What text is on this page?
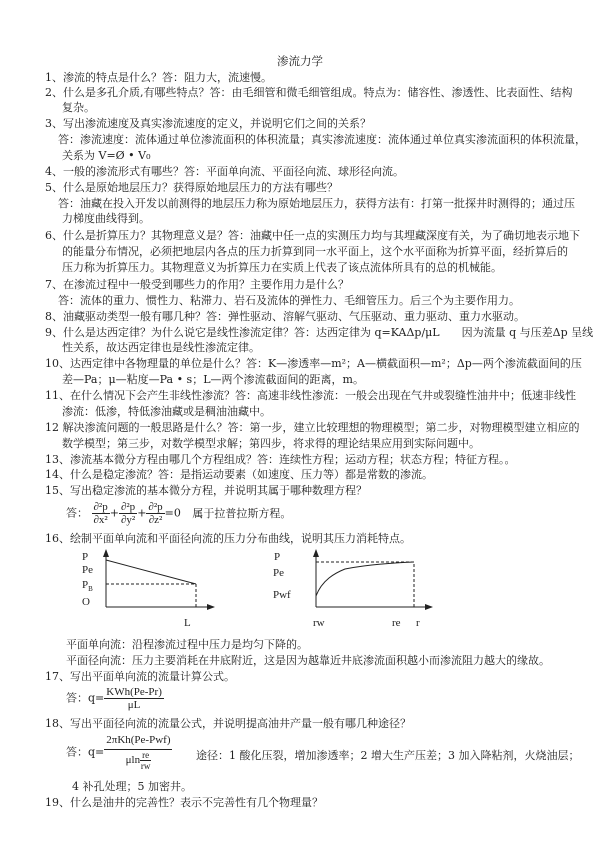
渗流力学
1、渗流的特点是什么？答：阻力大，流速慢。
2、什么是多孔介质,有哪些特点？答：由毛细管和微毛细管组成。特点为：储容性、渗透性、比表面性、结构
复杂。
3、写出渗流速度及真实渗流速度的定义，并说明它们之间的关系？
答：渗流速度：流体通过单位渗流面积的体积流量；真实渗流速度：流体通过单位真实渗流面积的体积流量，
关系为 V=Ø • V₀
4、一般的渗流形式有哪些？答：平面单向流、平面径向流、球形径向流。
5、什么是原始地层压力？获得原始地层压力的方法有哪些？
答：油藏在投入开发以前测得的地层压力称为原始地层压力，获得方法有：打第一批探井时测得的；通过压
力梯度曲线得到。
6、什么是折算压力？其物理意义是？答：油藏中任一点的实测压力均与其埋藏深度有关，为了确切地表示地下
的能量分布情况，必须把地层内各点的压力折算到同一水平面上，这个水平面称为折算平面，经折算后的
压力称为折算压力。其物理意义为折算压力在实质上代表了该点流体所具有的总的机械能。
7、在渗流过程中一般受到哪些力的作用？主要作用力是什么？
答：流体的重力、惯性力、粘滞力、岩石及流体的弹性力、毛细管压力。后三个为主要作用力。
8、油藏驱动类型一般有哪几种？答：弹性驱动、溶解气驱动、气压驱动、重力驱动、重力水驱动。
9、什么是达西定律？为什么说它是线性渗流定律？答：达西定律为 q=KAΔp/μL　　因为流量 q 与压差Δp 呈线
性关系，故达西定律也是线性渗流定律。
10、达西定律中各物理量的单位是什么？答：K—渗透率—m²；A—横截面积—m²；Δp—两个渗流截面间的压
差—Pa；μ—粘度—Pa • s；L—两个渗流截面间的距离，m。
11、在什么情况下会产生非线性渗流？答：高速非线性渗流：一般会出现在气井或裂缝性油井中；低速非线性
渗流：低渗，特低渗油藏或是稠油油藏中。
12 解决渗流问题的一般思路是什么？答：第一步，建立比较理想的物理模型；第二步，对物理模型建立相应的
数学模型；第三步，对数学模型求解；第四步，将求得的理论结果应用到实际问题中。
13、渗流基本微分方程由哪几个方程组成？答：连续性方程；运动方程；状态方程；特征方程。。
14、什么是稳定渗流？答：是指运动要素（如速度、压力等）都是常数的渗流。
15、写出稳定渗流的基本微分方程，并说明其属于哪种数理方程？
答： $\frac{\text{∂²p}}{\text{∂x²}} + \frac{\text{∂²p}}{\text{∂y²}} + \frac{\text{∂²p}}{\text{∂z²}} =0$ 属于拉普拉斯方程。
16、绘制平面单向流和平面径向流的压力分布曲线，说明其压力消耗特点。
P
Pe
$P_B$
O
L
P
Pe
Pwf
rw	re r
平面单向流：沿程渗流过程中压力是均匀下降的。
平面径向流：压力主要消耗在井底附近，这是因为越靠近井底渗流面积越小而渗流阻力越大的缘故。
17、写出平面单向流的流量计算公式。
答：$q= \frac{\text{KWh(Pe-Pr)}}{\mu L}$
18、写出平面径向流的流量公式，并说明提高油井产量一般有哪几种途径？
答：$q= \frac{\text{2πKh(Pe-Pwf)}}{\mu\ln \frac{re}{rw}}$ 途径：1 酸化压裂，增加渗透率；2 增大生产压差；3 加入降粘剂，火烧油层；
4 补孔处理；5 加密井。
19、什么是油井的完善性？表示不完善性有几个物理量？
